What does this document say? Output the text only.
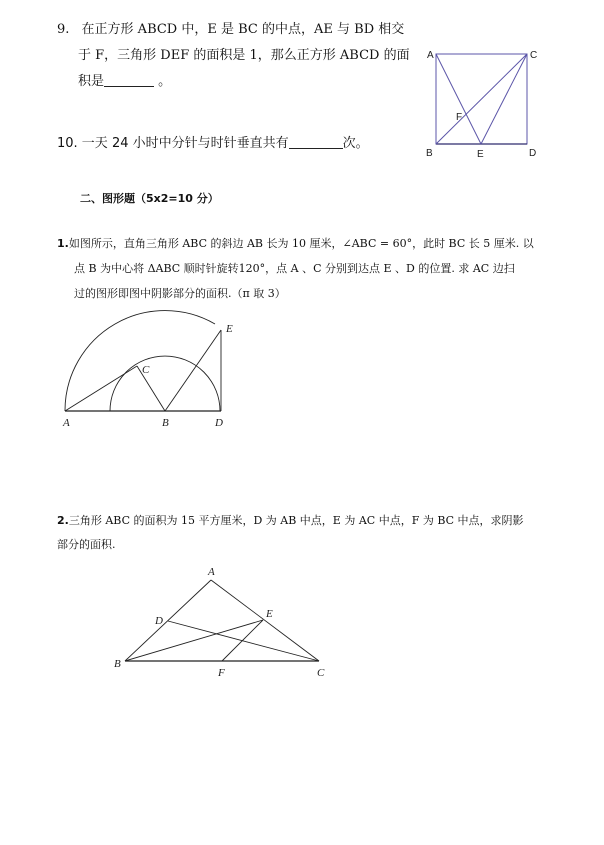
9. 在正方形 ABCD 中，E 是 BC 的中点，AE 与 BD 相交
于 F，三角形 DEF 的面积是 1，那么正方形 ABCD 的面
积是	。
10. 一天 24 小时中分针与时针垂直共有	次。
二、图形题（5x2=10 分）
1.如图所示，直角三角形 ABC 的斜边 AB 长为 10 厘米，∠ABC = 60°，此时 BC 长 5 厘米. 以
点 B 为中心将 ΔABC 顺时针旋转120°，点 A 、C 分别到达点 E 、D 的位置. 求 AC 边扫
过的图形即图中阴影部分的面积.（π 取 3）
2.三角形 ABC 的面积为 15 平方厘米，D 为 AB 中点，E 为 AC 中点，F 为 BC 中点，求阴影
部分的面积.
A	C
F
B	E	D
A	B
C
D
E
A
B
C
D
E
F
